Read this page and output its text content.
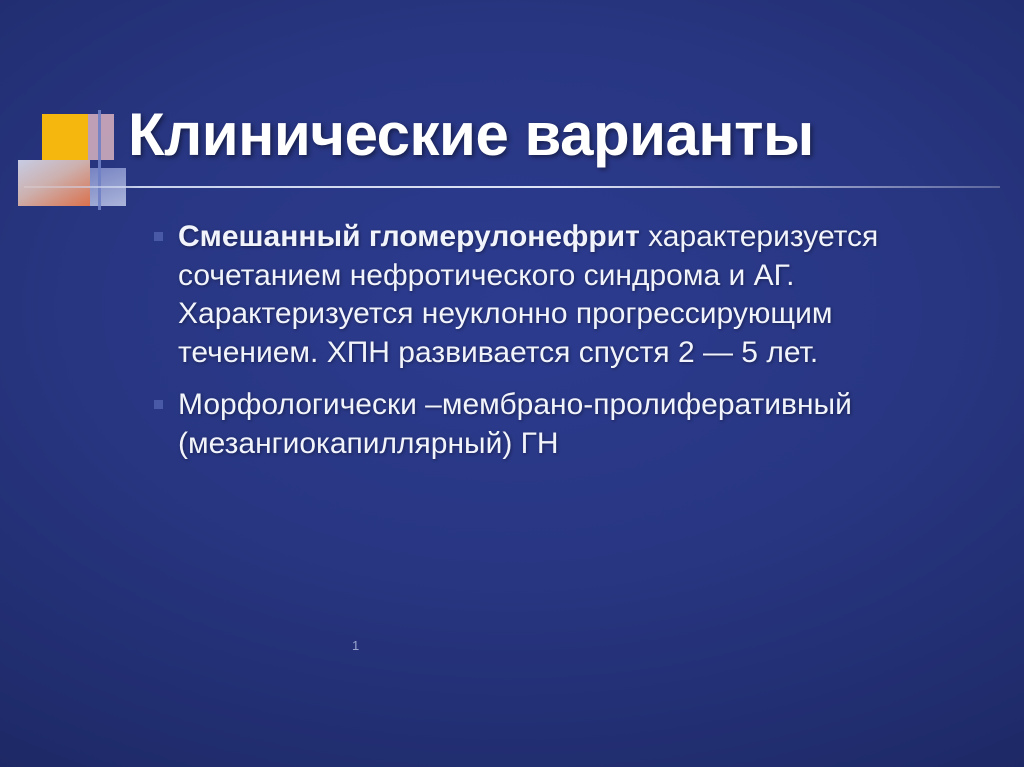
Клинические варианты
Смешанный гломерулонефрит характеризуется сочетанием нефротического синдрома и АГ. Характеризуется неуклонно прогрессирующим течением. ХПН развивается спустя 2 — 5 лет.
Морфологически –мембрано-пролиферативный (мезангиокапиллярный) ГН
1
